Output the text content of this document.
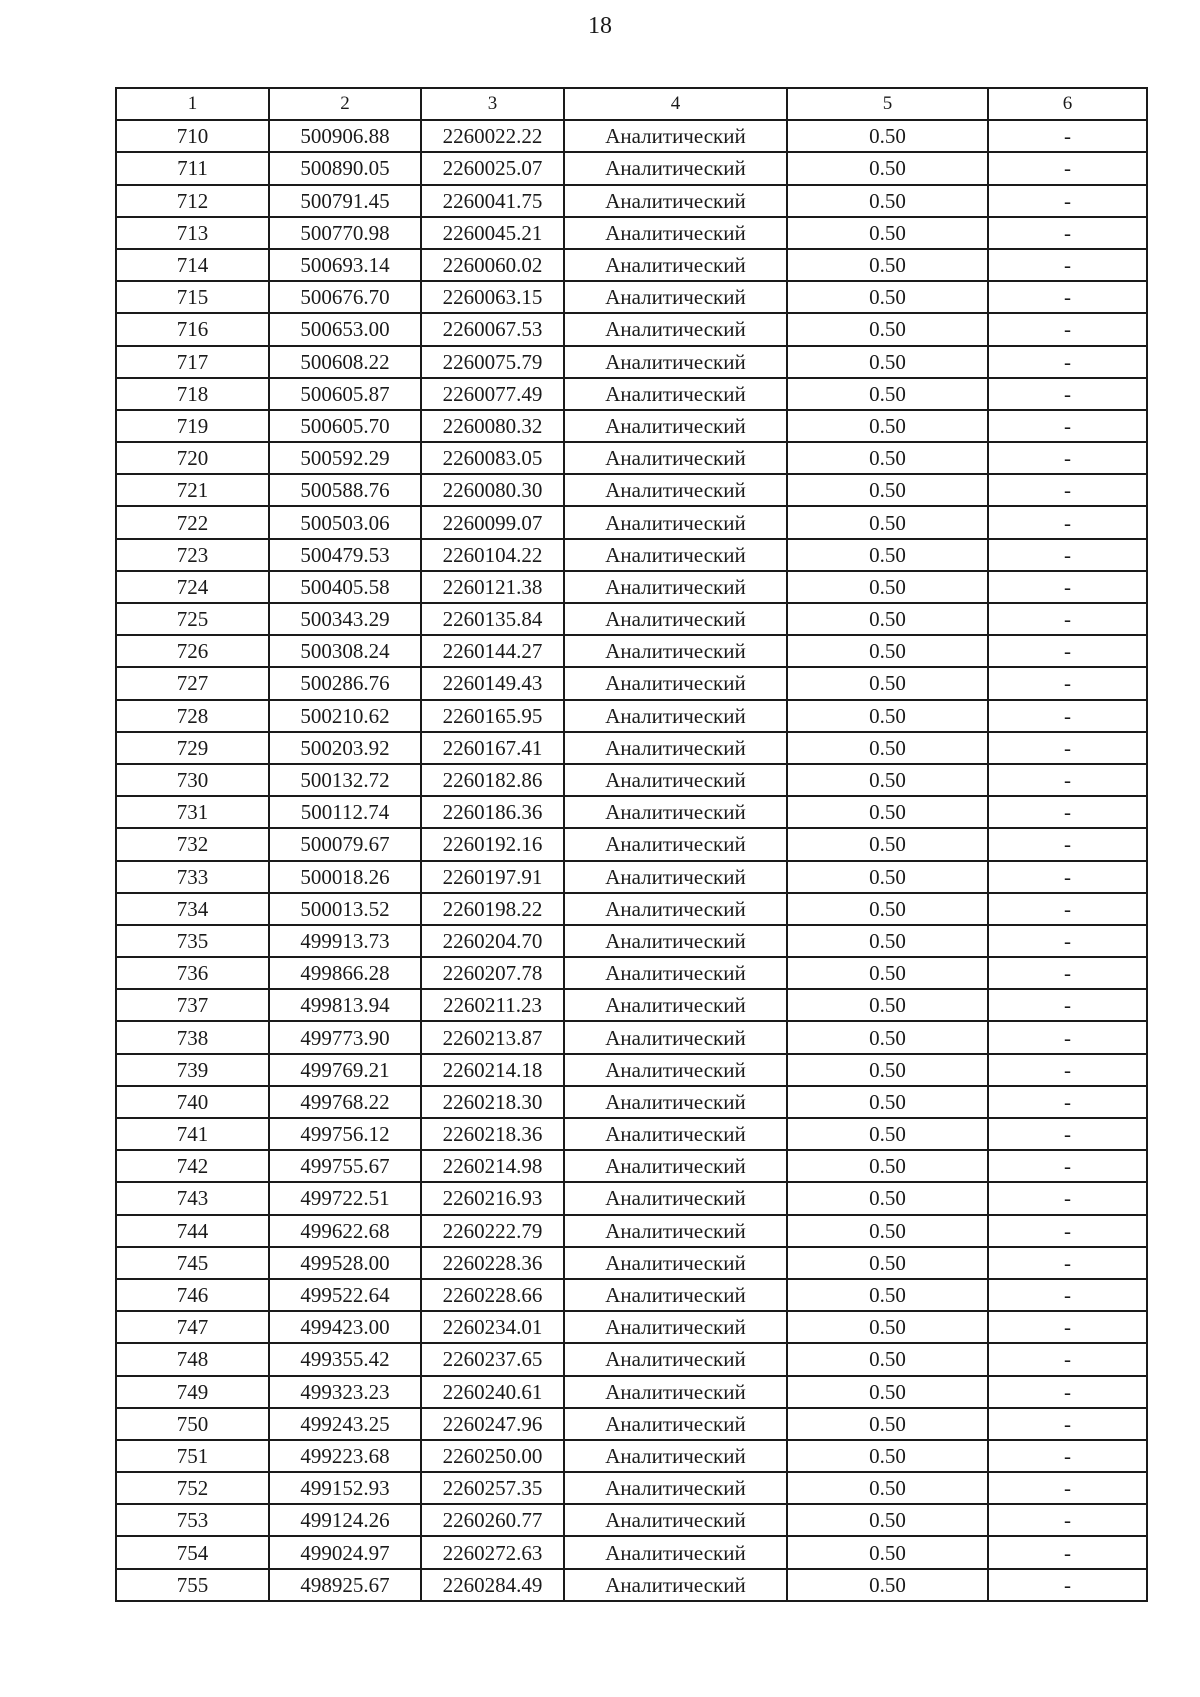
18
1	2	3	4	5	6
710	500906.88	2260022.22	Аналитический	0.50	-
711	500890.05	2260025.07	Аналитический	0.50	-
712	500791.45	2260041.75	Аналитический	0.50	-
713	500770.98	2260045.21	Аналитический	0.50	-
714	500693.14	2260060.02	Аналитический	0.50	-
715	500676.70	2260063.15	Аналитический	0.50	-
716	500653.00	2260067.53	Аналитический	0.50	-
717	500608.22	2260075.79	Аналитический	0.50	-
718	500605.87	2260077.49	Аналитический	0.50	-
719	500605.70	2260080.32	Аналитический	0.50	-
720	500592.29	2260083.05	Аналитический	0.50	-
721	500588.76	2260080.30	Аналитический	0.50	-
722	500503.06	2260099.07	Аналитический	0.50	-
723	500479.53	2260104.22	Аналитический	0.50	-
724	500405.58	2260121.38	Аналитический	0.50	-
725	500343.29	2260135.84	Аналитический	0.50	-
726	500308.24	2260144.27	Аналитический	0.50	-
727	500286.76	2260149.43	Аналитический	0.50	-
728	500210.62	2260165.95	Аналитический	0.50	-
729	500203.92	2260167.41	Аналитический	0.50	-
730	500132.72	2260182.86	Аналитический	0.50	-
731	500112.74	2260186.36	Аналитический	0.50	-
732	500079.67	2260192.16	Аналитический	0.50	-
733	500018.26	2260197.91	Аналитический	0.50	-
734	500013.52	2260198.22	Аналитический	0.50	-
735	499913.73	2260204.70	Аналитический	0.50	-
736	499866.28	2260207.78	Аналитический	0.50	-
737	499813.94	2260211.23	Аналитический	0.50	-
738	499773.90	2260213.87	Аналитический	0.50	-
739	499769.21	2260214.18	Аналитический	0.50	-
740	499768.22	2260218.30	Аналитический	0.50	-
741	499756.12	2260218.36	Аналитический	0.50	-
742	499755.67	2260214.98	Аналитический	0.50	-
743	499722.51	2260216.93	Аналитический	0.50	-
744	499622.68	2260222.79	Аналитический	0.50	-
745	499528.00	2260228.36	Аналитический	0.50	-
746	499522.64	2260228.66	Аналитический	0.50	-
747	499423.00	2260234.01	Аналитический	0.50	-
748	499355.42	2260237.65	Аналитический	0.50	-
749	499323.23	2260240.61	Аналитический	0.50	-
750	499243.25	2260247.96	Аналитический	0.50	-
751	499223.68	2260250.00	Аналитический	0.50	-
752	499152.93	2260257.35	Аналитический	0.50	-
753	499124.26	2260260.77	Аналитический	0.50	-
754	499024.97	2260272.63	Аналитический	0.50	-
755	498925.67	2260284.49	Аналитический	0.50	-
